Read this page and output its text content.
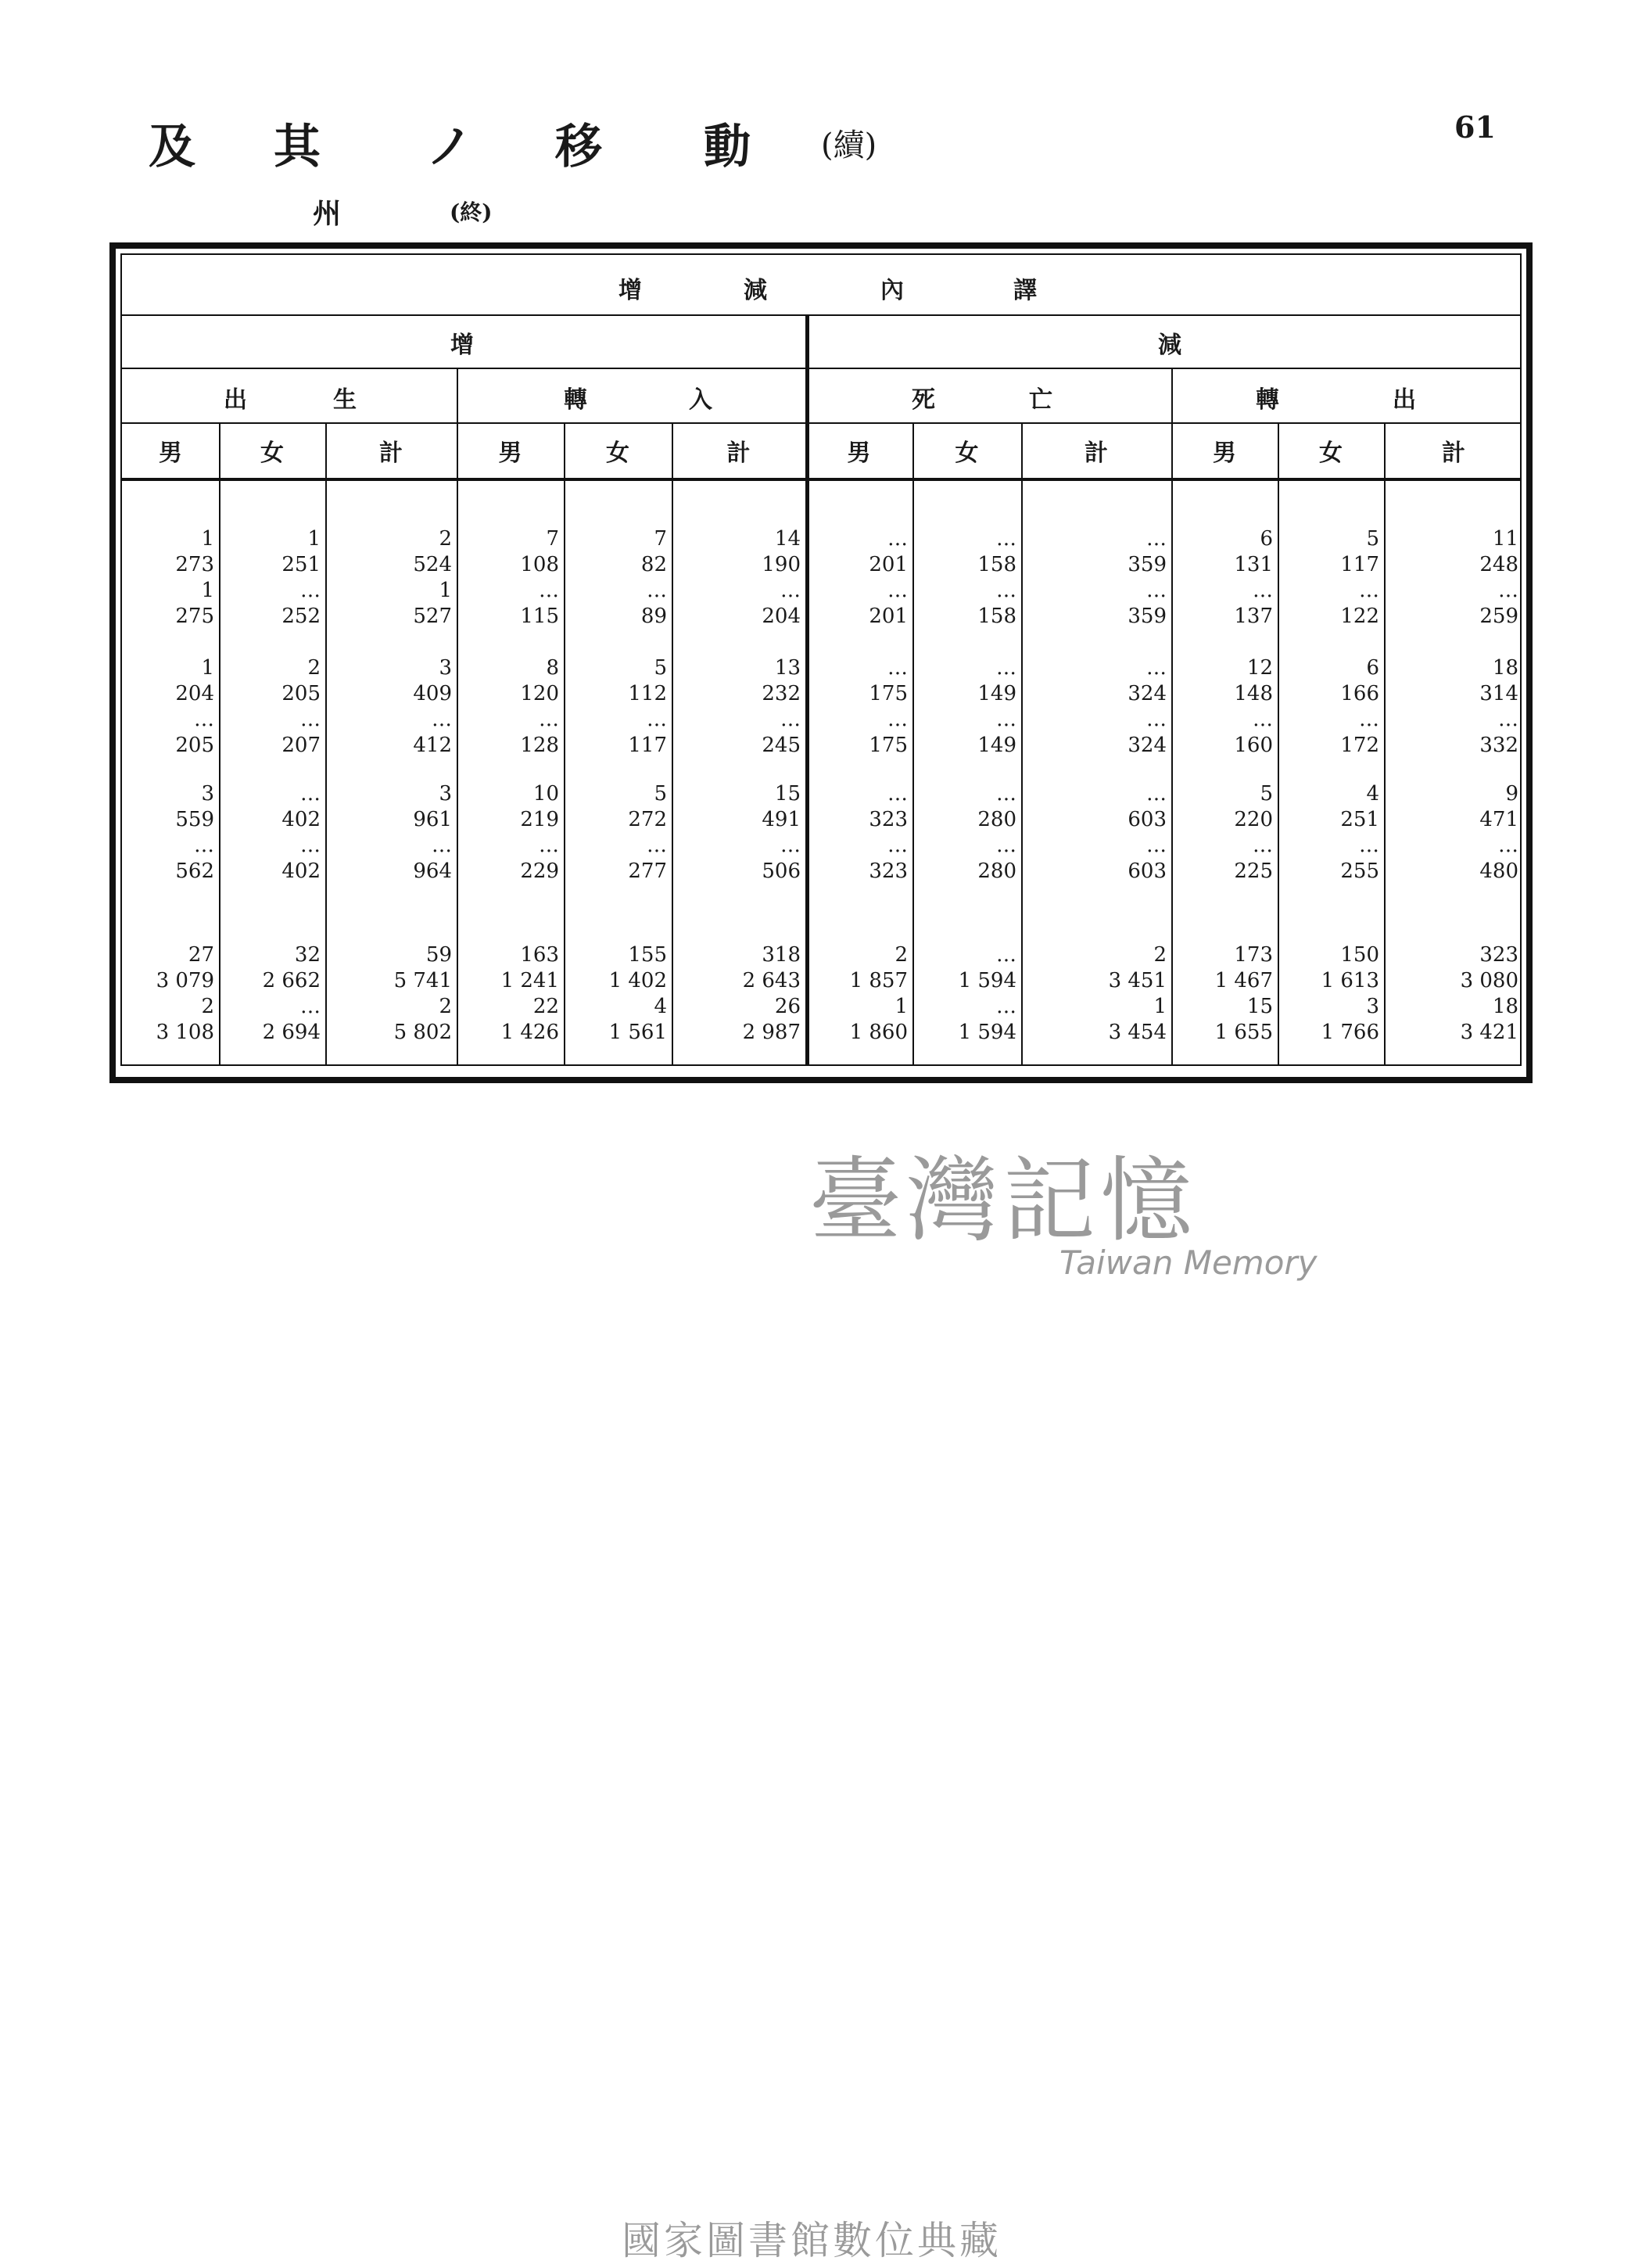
及 其 ノ 移 動 (續)
61
州	(終)
增	減	內	譯
增	減
出	生	轉	入	死	亡	轉	出
男	女	計	男	女	計	男	女	計	男	女	計
1	1	2	7	7	14	…	…	…	6	5	11
273	251	524	108	82	190	201	158	359	131	117	248
1	…	1	…	…	…	…	…	…	…	…	…
275	252	527	115	89	204	201	158	359	137	122	259
1	2	3	8	5	13	…	…	…	12	6	18
204	205	409	120	112	232	175	149	324	148	166	314
…	…	…	…	…	…	…	…	…	…	…	…
205	207	412	128	117	245	175	149	324	160	172	332
3	…	3	10	5	15	…	…	…	5	4	9
559	402	961	219	272	491	323	280	603	220	251	471
…	…	…	…	…	…	…	…	…	…	…	…
562	402	964	229	277	506	323	280	603	225	255	480
27	32	59	163	155	318	2	…	2	173	150	323
3 079	2 662	5 741	1 241	1 402	2 643	1 857	1 594	3 451	1 467	1 613	3 080
2	…	2	22	4	26	1	…	1	15	3	18
3 108	2 694	5 802	1 426	1 561	2 987	1 860	1 594	3 454	1 655	1 766	3 421
臺灣記憶
Taiwan Memory
國家圖書館數位典藏
